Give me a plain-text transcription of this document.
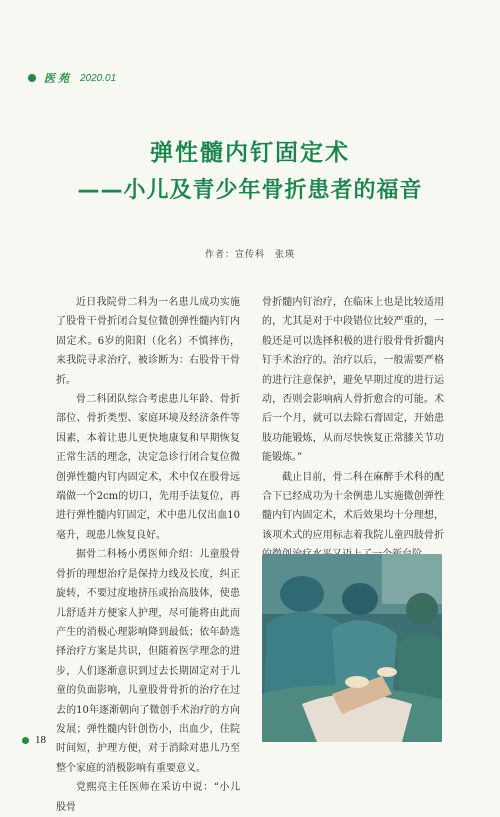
医苑 2020.01
弹性髓内钉固定术
——小儿及青少年骨折患者的福音
作者：宣传科　张瑛

近日我院骨二科为一名患儿成功实施了股骨干骨折闭合复位微创弹性髓内钉内固定术。6岁的阳阳（化名）不慎摔伤，来我院寻求治疗，被诊断为：右股骨干骨折。

骨二科团队综合考虑患儿年龄、骨折部位、骨折类型、家庭环境及经济条件等因素，本着让患儿更快地康复和早期恢复正常生活的理念，决定急诊行闭合复位微创弹性髓内钉内固定术，术中仅在股骨远端做一个2cm的切口，先用手法复位，再进行弹性髓内钉固定，术中患儿仅出血10毫升，现患儿恢复良好。

据骨二科杨小勇医师介绍：儿童股骨骨折的理想治疗是保持力线及长度，纠正旋转，不要过度地挤压或抬高肢体，使患儿舒适并方便家人护理，尽可能将由此而产生的消极心理影响降到最低；依年龄选择治疗方案是共识，但随着医学理念的进步，人们逐渐意识到过去长期固定对于儿童的负面影响，儿童股骨骨折的治疗在过去的10年逐渐朝向了微创手术治疗的方向发展；弹性髓内针创伤小，出血少，住院时间短，护理方便，对于消除对患儿乃至整个家庭的消极影响有重要意义。

党熙亮主任医师在采访中说：“小儿股骨

骨折髓内钉治疗，在临床上也是比较适用的，尤其是对于中段错位比较严重的，一般还是可以选择积极的进行股骨骨折髓内钉手术治疗的。治疗以后，一般需要严格的进行注意保护，避免早期过度的进行运动，否则会影响病人骨折愈合的可能。术后一个月，就可以去除石膏固定，开始患肢功能锻炼，从而尽快恢复正常膝关节功能锻炼。”

截止目前，骨二科在麻醉手术科的配合下已经成功为十余例患儿实施微创弹性髓内钉内固定术，术后效果均十分理想，该项术式的应用标志着我院儿童四肢骨折

18
